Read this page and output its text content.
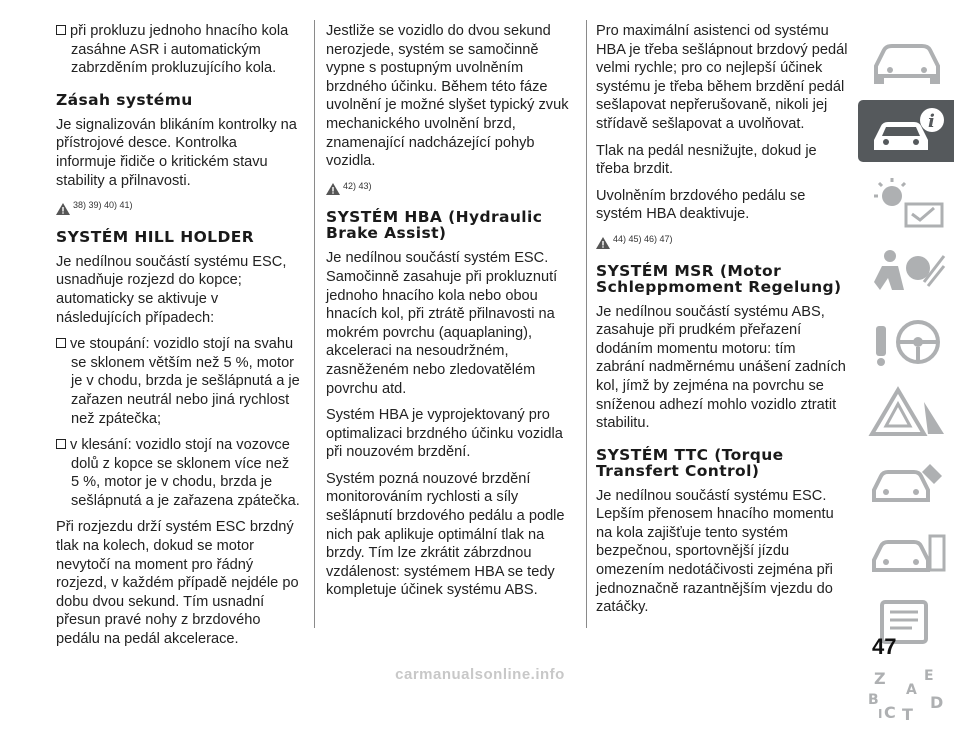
při prokluzu jednoho hnacího kola zasáhne ASR i automatickým zabrzděním prokluzujícího kola.

Zásah systému

Je signalizován blikáním kontrolky na přístrojové desce. Kontrolka informuje řidiče o kritickém stavu stability a přilnavosti.

38) 39) 40) 41)
SYSTÉM HILL HOLDER

Je nedílnou součástí systému ESC, usnadňuje rozjezd do kopce; automaticky se aktivuje v následujících případech:

ve stoupání: vozidlo stojí na svahu se sklonem větším než 5 %, motor je v chodu, brzda je sešlápnutá a je zařazen neutrál nebo jiná rychlost než zpátečka;

v klesání: vozidlo stojí na vozovce dolů z kopce se sklonem více než 5 %, motor je v chodu, brzda je sešlápnutá a je zařazena zpátečka.

Při rozjezdu drží systém ESC brzdný tlak na kolech, dokud se motor nevytočí na moment pro řádný rozjezd, v každém případě nejdéle po dobu dvou sekund. Tím usnadní přesun pravé nohy z brzdového pedálu na pedál akcelerace.

Jestliže se vozidlo do dvou sekund nerozjede, systém se samočinně vypne s postupným uvolněním brzdného účinku. Během této fáze uvolnění je možné slyšet typický zvuk mechanického uvolnění brzd, znamenající nadcházející pohyb vozidla.

42) 43)
SYSTÉM HBA (Hydraulic Brake Assist)

Je nedílnou součástí systém ESC. Samočinně zasahuje při prokluznutí jednoho hnacího kola nebo obou hnacích kol, při ztrátě přilnavosti na mokrém povrchu (aquaplaning), akceleraci na nesoudržném, zasněženém nebo zledovatělém povrchu atd.

Systém HBA je vyprojektovaný pro optimalizaci brzdného účinku vozidla při nouzovém brzdění.

Systém pozná nouzové brzdění monitorováním rychlosti a síly sešlápnutí brzdového pedálu a podle nich pak aplikuje optimální tlak na brzdy. Tím lze zkrátit zábrzdnou vzdálenost: systémem HBA se tedy kompletuje účinek systému ABS.

Pro maximální asistenci od systému HBA je třeba sešlápnout brzdový pedál velmi rychle; pro co nejlepší účinek systému je třeba během brzdění pedál sešlapovat nepřerušovaně, nikoli jej střídavě sešlapovat a uvolňovat.

Tlak na pedál nesnižujte, dokud je třeba brzdit.

Uvolněním brzdového pedálu se systém HBA deaktivuje.

44) 45) 46) 47)
SYSTÉM MSR (Motor Schleppmoment Regelung)

Je nedílnou součástí systému ABS, zasahuje při prudkém přeřazení dodáním momentu motoru: tím zabrání nadměrnému unášení zadních kol, jímž by zejména na povrchu se sníženou adhezí mohlo vozidlo ztratit stabilitu.

SYSTÉM TTC (Torque Transfert Control)

Je nedílnou součástí systému ESC. Lepším přenosem hnacího momentu na kola zajišťuje tento systém bezpečnou, sportovnější jízdu omezením nedotáčivosti zejména při jednoznačně razantnějším vjezdu do zatáčky.

i
Z	E
B
A
D
C T
I
47
carmanualsonline.info
